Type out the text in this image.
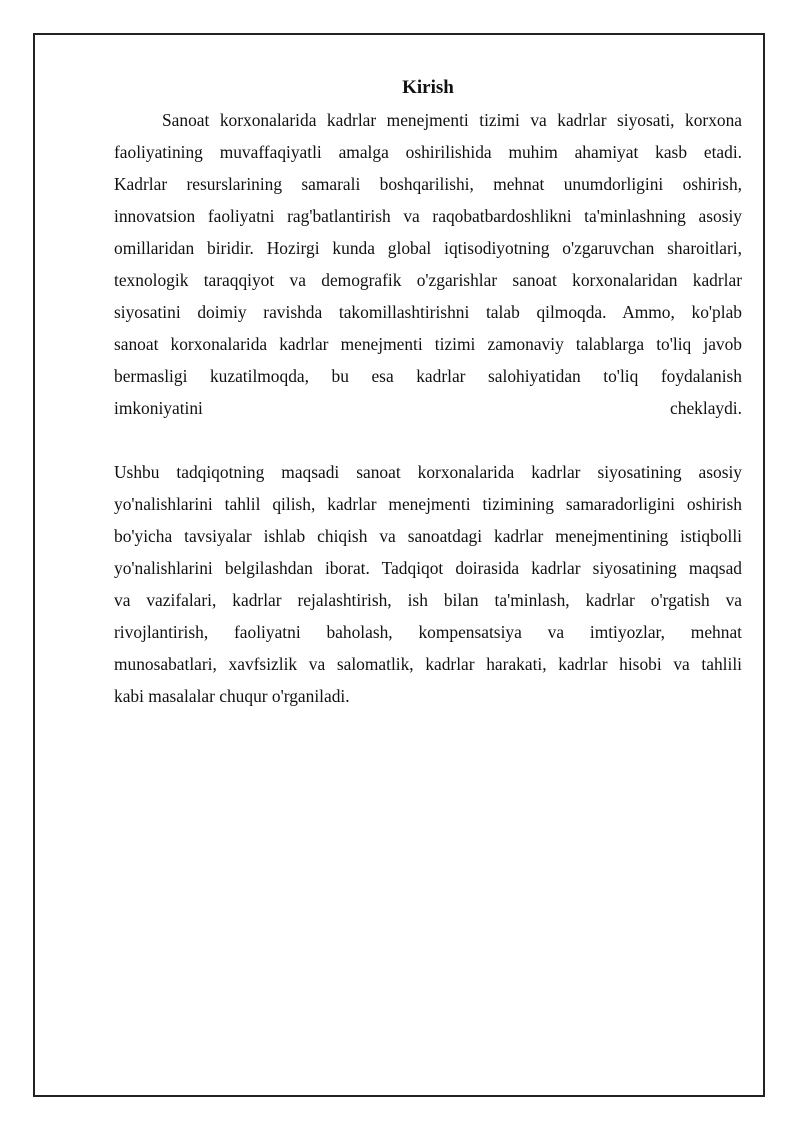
Kirish

Sanoat korxonalarida kadrlar menejmenti tizimi va kadrlar siyosati, korxona
faoliyatining muvaffaqiyatli amalga oshirilishida muhim ahamiyat kasb etadi.
Kadrlar resurslarining samarali boshqarilishi, mehnat unumdorligini oshirish,
innovatsion faoliyatni rag'batlantirish va raqobatbardoshlikni ta'minlashning asosiy
omillaridan biridir. Hozirgi kunda global iqtisodiyotning o'zgaruvchan sharoitlari,
texnologik taraqqiyot va demografik o'zgarishlar sanoat korxonalaridan kadrlar
siyosatini doimiy ravishda takomillashtirishni talab qilmoqda. Ammo, ko'plab
sanoat korxonalarida kadrlar menejmenti tizimi zamonaviy talablarga to'liq javob
bermasligi kuzatilmoqda, bu esa kadrlar salohiyatidan to'liq foydalanish
imkoniyatini cheklaydi.

Ushbu tadqiqotning maqsadi sanoat korxonalarida kadrlar siyosatining asosiy
yo'nalishlarini tahlil qilish, kadrlar menejmenti tizimining samaradorligini oshirish
bo'yicha tavsiyalar ishlab chiqish va sanoatdagi kadrlar menejmentining istiqbolli
yo'nalishlarini belgilashdan iborat. Tadqiqot doirasida kadrlar siyosatining maqsad
va vazifalari, kadrlar rejalashtirish, ish bilan ta'minlash, kadrlar o'rgatish va
rivojlantirish, faoliyatni baholash, kompensatsiya va imtiyozlar, mehnat
munosabatlari, xavfsizlik va salomatlik, kadrlar harakati, kadrlar hisobi va tahlili
kabi masalalar chuqur o'rganiladi.
